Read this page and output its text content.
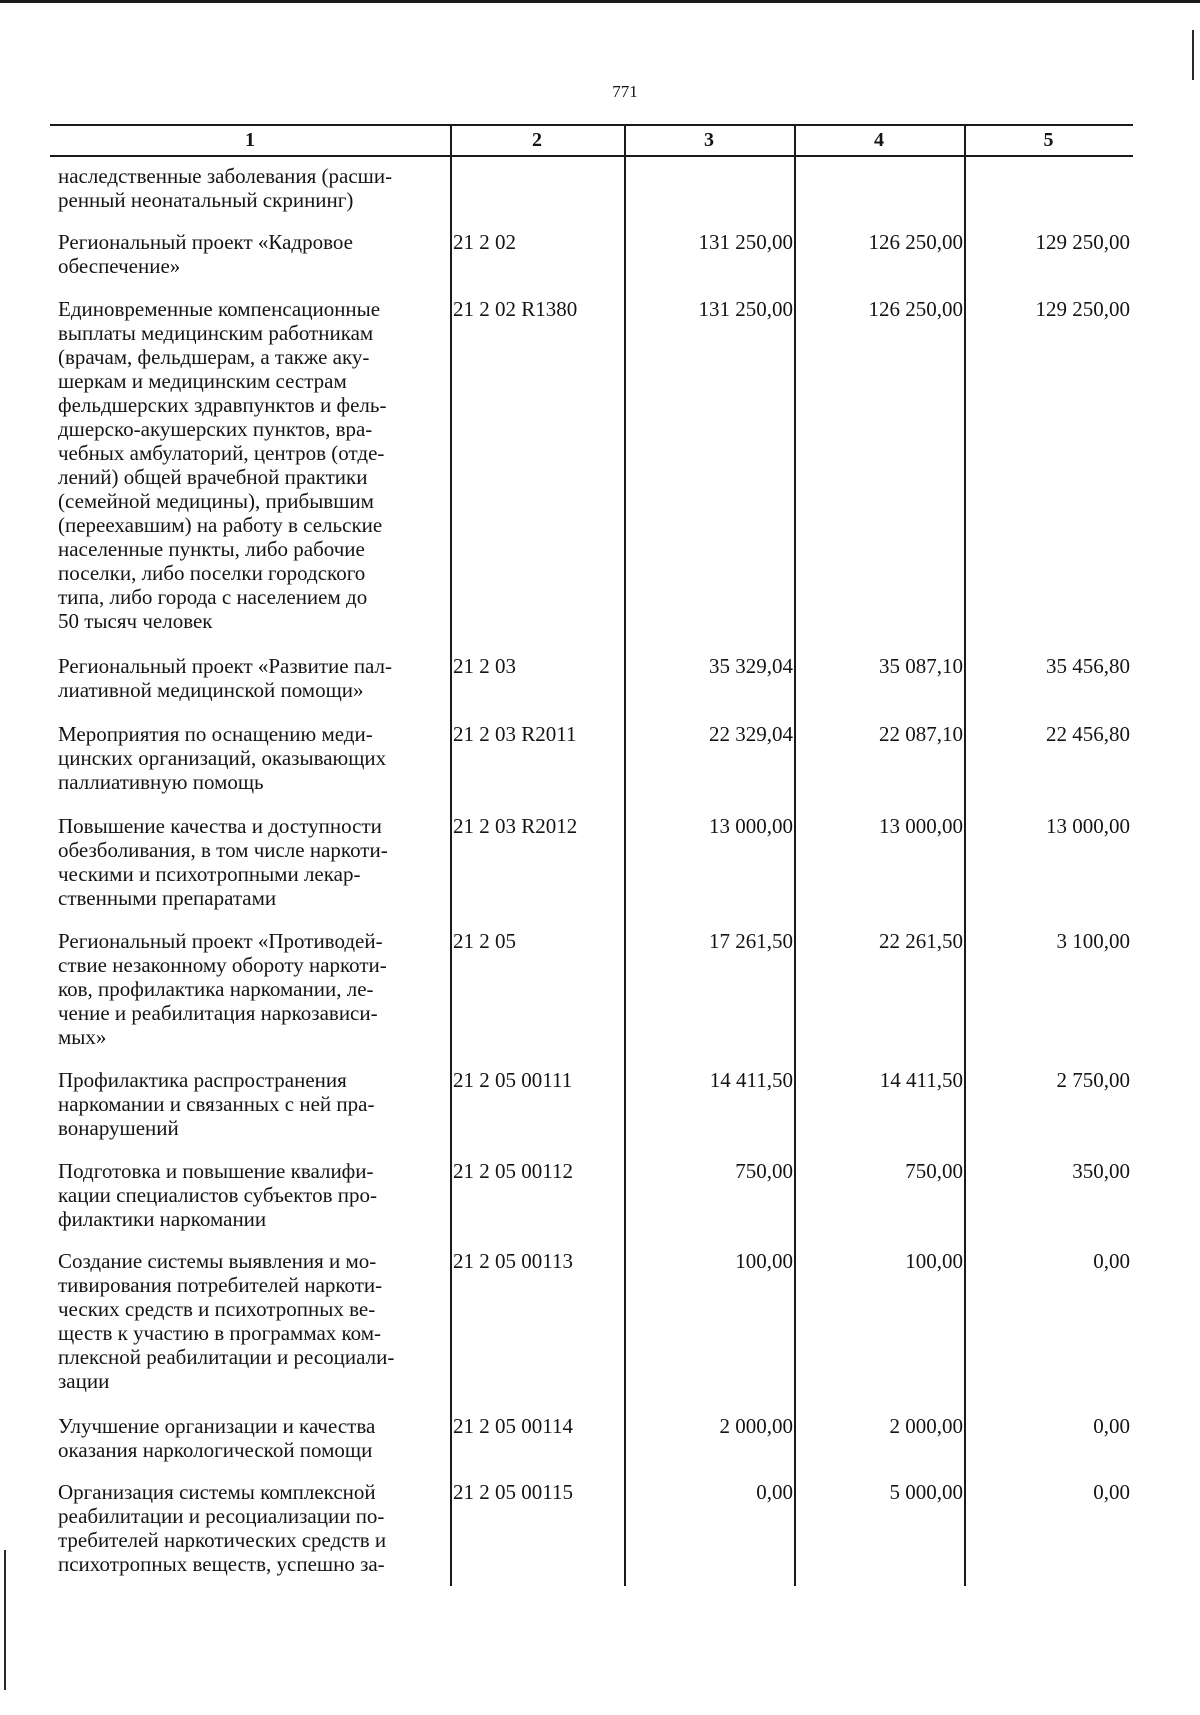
771
1	2	3	4	5
наследственные заболевания (расши-
ренный неонатальный скрининг)
Региональный проект «Кадровое
обеспечение»
21 2 02	131 250,00	126 250,00	129 250,00
Единовременные компенсационные
выплаты медицинским работникам
(врачам, фельдшерам, а также аку-
шеркам и медицинским сестрам
фельдшерских здравпунктов и фель-
дшерско-акушерских пунктов, вра-
чебных амбулаторий, центров (отде-
лений) общей врачебной практики
(семейной медицины), прибывшим
(переехавшим) на работу в сельские
населенные пункты, либо рабочие
поселки, либо поселки городского
типа, либо города с населением до
50 тысяч человек
21 2 02 R1380	131 250,00	126 250,00	129 250,00
Региональный проект «Развитие пал-
лиативной медицинской помощи»
21 2 03	35 329,04	35 087,10	35 456,80
Мероприятия по оснащению меди-
цинских организаций, оказывающих
паллиативную помощь
21 2 03 R2011	22 329,04	22 087,10	22 456,80
Повышение качества и доступности
обезболивания, в том числе наркоти-
ческими и психотропными лекар-
ственными препаратами
21 2 03 R2012	13 000,00	13 000,00	13 000,00
Региональный проект «Противодей-
ствие незаконному обороту наркоти-
ков, профилактика наркомании, ле-
чение и реабилитация наркозависи-
мых»
21 2 05	17 261,50	22 261,50	3 100,00
Профилактика распространения
наркомании и связанных с ней пра-
вонарушений
21 2 05 00111	14 411,50	14 411,50	2 750,00
Подготовка и повышение квалифи-
кации специалистов субъектов про-
филактики наркомании
21 2 05 00112	750,00	750,00	350,00
Создание системы выявления и мо-
тивирования потребителей наркоти-
ческих средств и психотропных ве-
ществ к участию в программах ком-
плексной реабилитации и ресоциали-
зации
21 2 05 00113	100,00	100,00	0,00
Улучшение организации и качества
оказания наркологической помощи
21 2 05 00114	2 000,00	2 000,00	0,00
Организация системы комплексной
реабилитации и ресоциализации по-
требителей наркотических средств и
психотропных веществ, успешно за-
21 2 05 00115	0,00	5 000,00	0,00
